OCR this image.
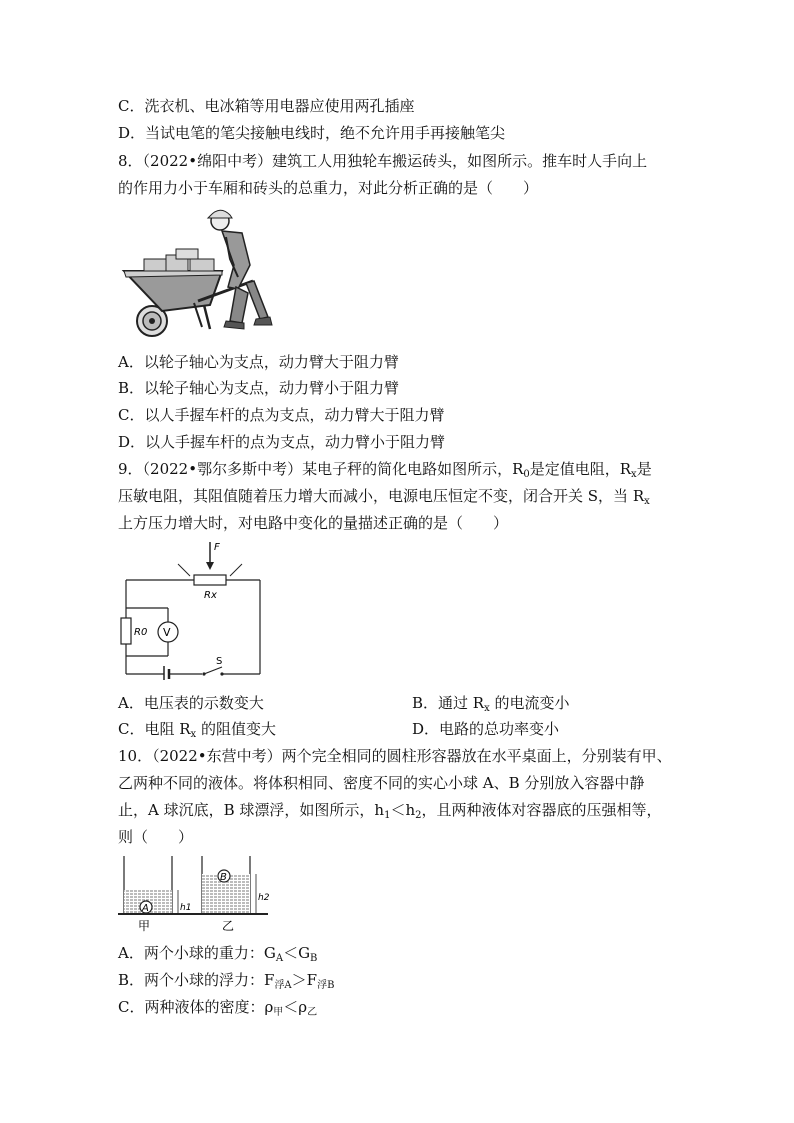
C．洗衣机、电冰箱等用电器应使用两孔插座
D．当试电笔的笔尖接触电线时，绝不允许用手再接触笔尖
8．（2022•绵阳中考）建筑工人用独轮车搬运砖头，如图所示。推车时人手向上
的作用力小于车厢和砖头的总重力，对此分析正确的是（　　）
A．以轮子轴心为支点，动力臂大于阻力臂
B．以轮子轴心为支点，动力臂小于阻力臂
C．以人手握车杆的点为支点，动力臂大于阻力臂
D．以人手握车杆的点为支点，动力臂小于阻力臂
9．（2022•鄂尔多斯中考）某电子秤的简化电路如图所示，$R_0$是定值电阻，$R_x$是
压敏电阻，其阻值随着压力增大而减小，电源电压恒定不变，闭合开关 S，当 $R_x$
上方压力增大时，对电路中变化的量描述正确的是（　　）
F
Rx
R0 V
S
A．电压表的示数变大	B．通过 $R_x$ 的电流变小
C．电阻 $R_x$ 的阻值变大	D．电路的总功率变小
10．（2022•东营中考）两个完全相同的圆柱形容器放在水平桌面上，分别装有甲、
乙两种不同的液体。将体积相同、密度不同的实心小球 A、B 分别放入容器中静
止，A 球沉底，B 球漂浮，如图所示，$h_1<h_2$，且两种液体对容器底的压强相等，
则（　　）
A	h1
B
h2
甲	乙
A．两个小球的重力：$G_A<G_B$
B．两个小球的浮力：$F_{浮A}>F_{浮B}$
C．两种液体的密度：$\rho_甲<\rho_乙$
